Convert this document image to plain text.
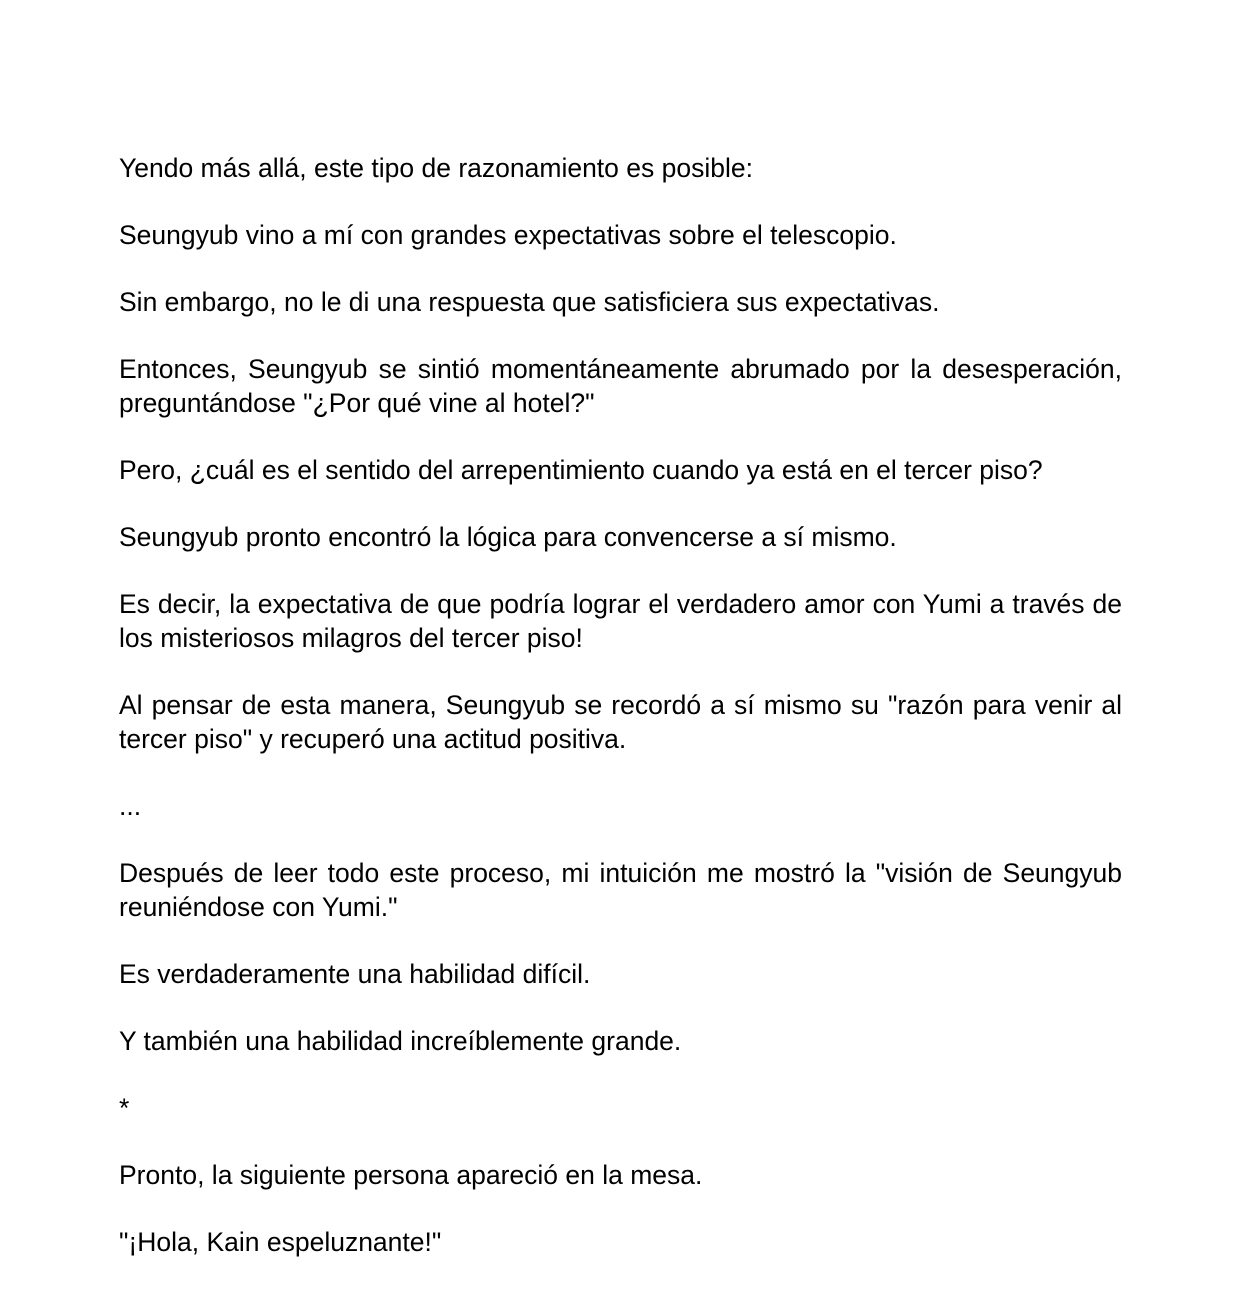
Yendo más allá, este tipo de razonamiento es posible:

Seungyub vino a mí con grandes expectativas sobre el telescopio.

Sin embargo, no le di una respuesta que satisficiera sus expectativas.

Entonces, Seungyub se sintió momentáneamente abrumado por la desesperación, preguntándose "¿Por qué vine al hotel?"

Pero, ¿cuál es el sentido del arrepentimiento cuando ya está en el tercer piso?

Seungyub pronto encontró la lógica para convencerse a sí mismo.

Es decir, la expectativa de que podría lograr el verdadero amor con Yumi a través de los misteriosos milagros del tercer piso!

Al pensar de esta manera, Seungyub se recordó a sí mismo su "razón para venir al tercer piso" y recuperó una actitud positiva.

...

Después de leer todo este proceso, mi intuición me mostró la "visión de Seungyub reuniéndose con Yumi."

Es verdaderamente una habilidad difícil.

Y también una habilidad increíblemente grande.

*

Pronto, la siguiente persona apareció en la mesa.

"¡Hola, Kain espeluznante!"
